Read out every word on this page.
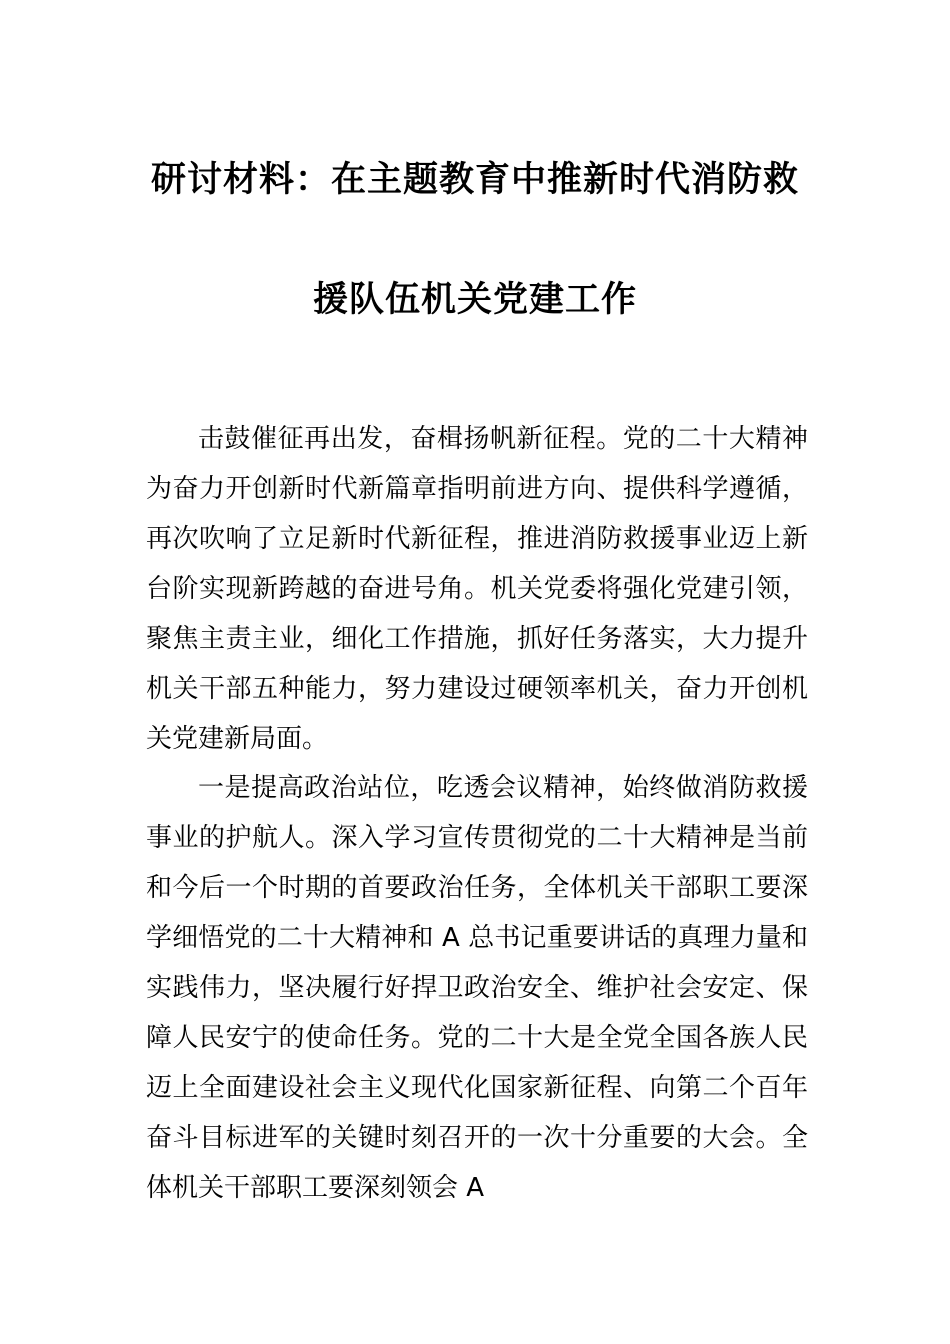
研讨材料：在主题教育中推新时代消防救
援队伍机关党建工作
击鼓催征再出发，奋楫扬帆新征程。党的二十大精神
为奋力开创新时代新篇章指明前进方向、提供科学遵循，
再次吹响了立足新时代新征程，推进消防救援事业迈上新
台阶实现新跨越的奋进号角。机关党委将强化党建引领，
聚焦主责主业，细化工作措施，抓好任务落实，大力提升
机关干部五种能力，努力建设过硬领率机关，奋力开创机
关党建新局面。
一是提高政治站位，吃透会议精神，始终做消防救援
事业的护航人。深入学习宣传贯彻党的二十大精神是当前
和今后一个时期的首要政治任务，全体机关干部职工要深
学细悟党的二十大精神和 A 总书记重要讲话的真理力量和
实践伟力，坚决履行好捍卫政治安全、维护社会安定、保
障人民安宁的使命任务。党的二十大是全党全国各族人民
迈上全面建设社会主义现代化国家新征程、向第二个百年
奋斗目标进军的关键时刻召开的一次十分重要的大会。全
体机关干部职工要深刻领会 A
